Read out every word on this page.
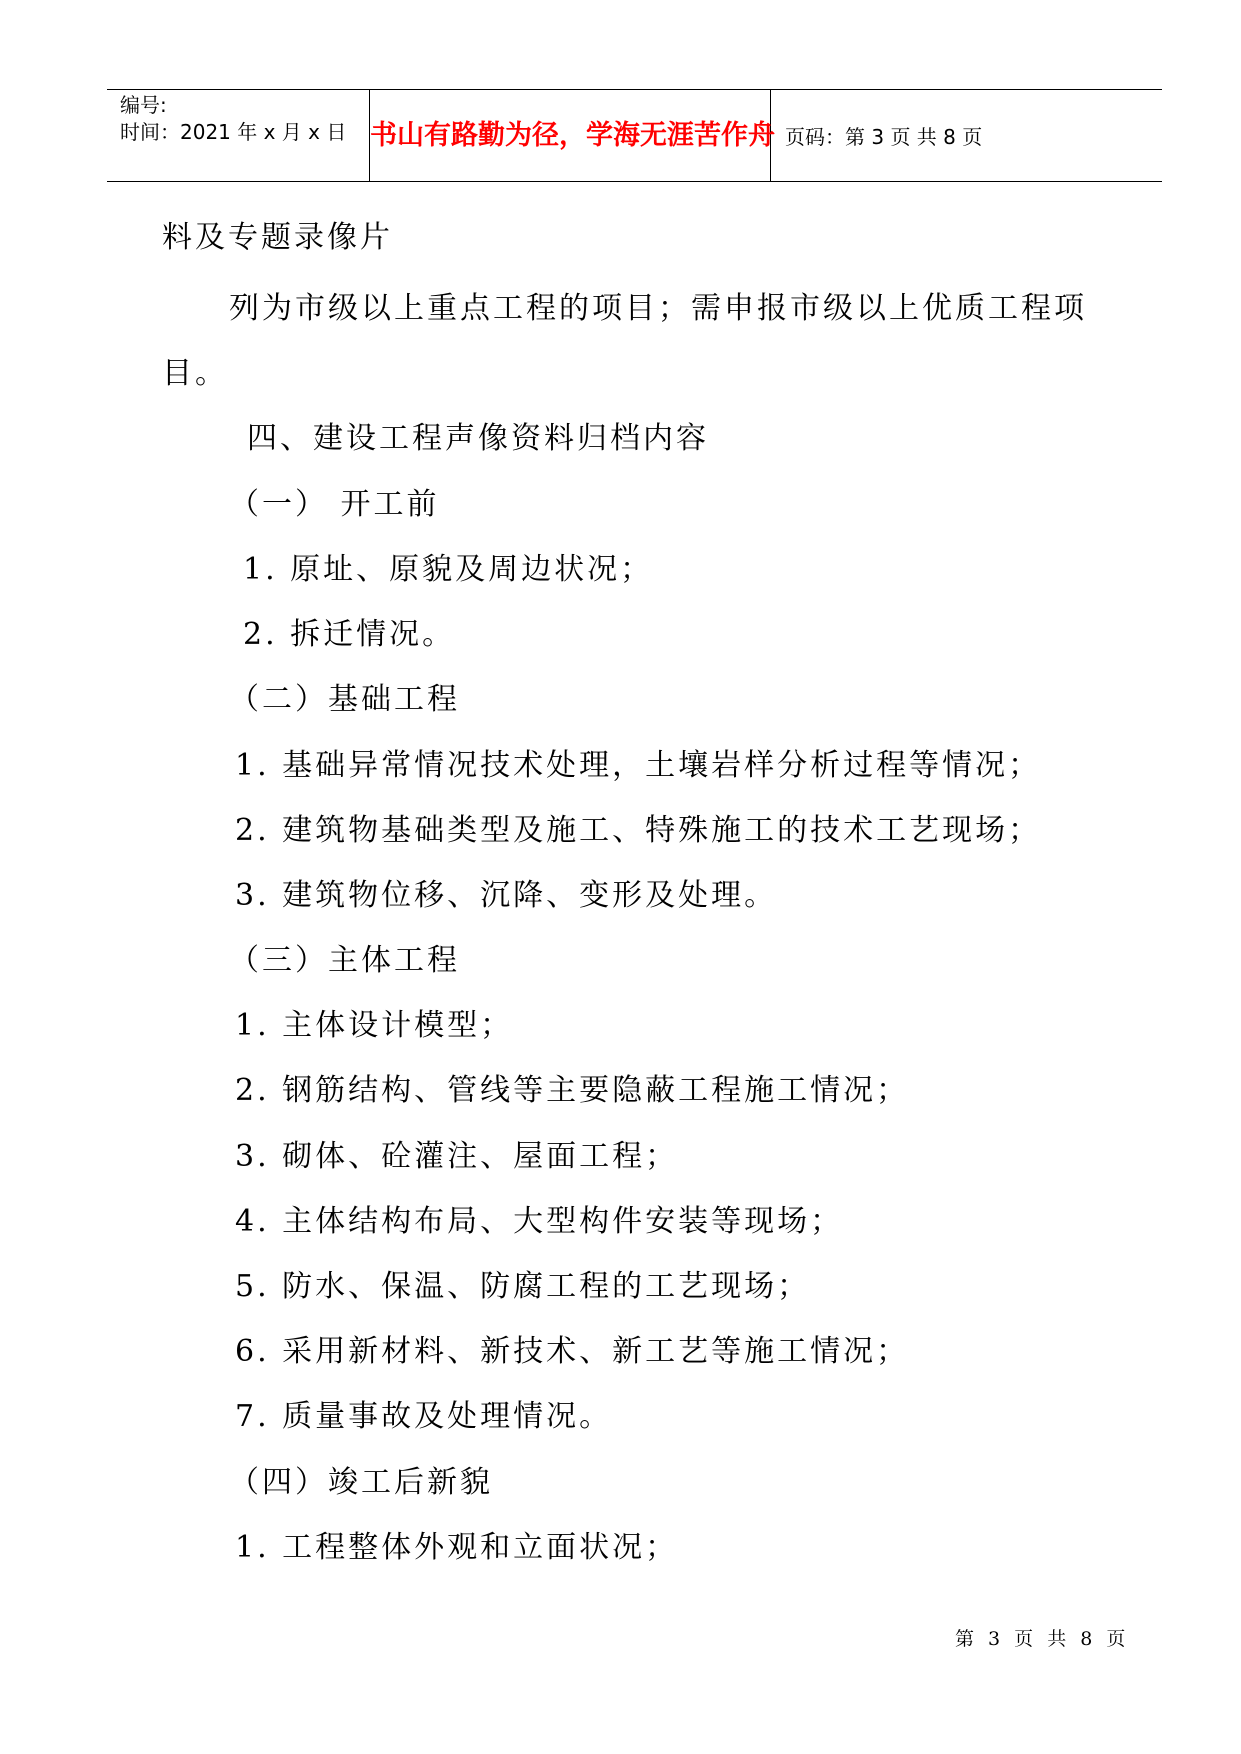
编号:
时间：2021 年 x 月 x 日 书山有路勤为径，学海无涯苦作舟 页码：第 3 页 共 8 页
料及专题录像片
列为市级以上重点工程的项目；需申报市级以上优质工程项
目。
四、建设工程声像资料归档内容
（一） 开工前
1. 原址、原貌及周边状况；
2. 拆迁情况。
（二）基础工程
1. 基础异常情况技术处理，土壤岩样分析过程等情况；
2. 建筑物基础类型及施工、特殊施工的技术工艺现场；
3. 建筑物位移、沉降、变形及处理。
（三）主体工程
1. 主体设计模型；
2. 钢筋结构、管线等主要隐蔽工程施工情况；
3. 砌体、砼灌注、屋面工程；
4. 主体结构布局、大型构件安装等现场；
5. 防水、保温、防腐工程的工艺现场；
6. 采用新材料、新技术、新工艺等施工情况；
7. 质量事故及处理情况。
（四）竣工后新貌
1. 工程整体外观和立面状况；
第 3 页 共 8 页
